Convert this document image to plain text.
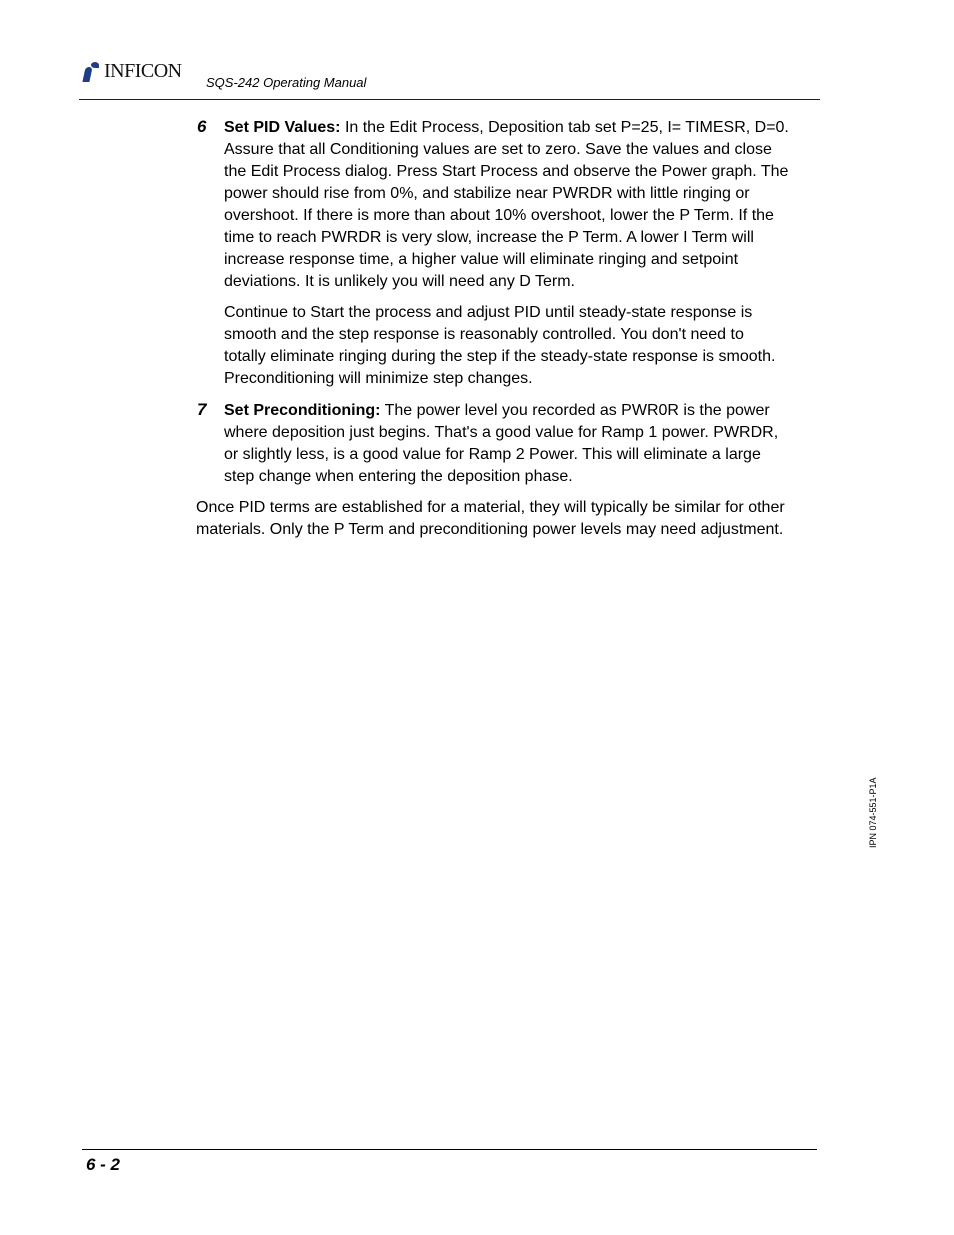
INFICON
SQS-242 Operating Manual
6 Set PID Values: In the Edit Process, Deposition tab set P=25, I= TIMESR, D=0.
Assure that all Conditioning values are set to zero. Save the values and close
the Edit Process dialog. Press Start Process and observe the Power graph. The
power should rise from 0%, and stabilize near PWRDR with little ringing or
overshoot. If there is more than about 10% overshoot, lower the P Term. If the
time to reach PWRDR is very slow, increase the P Term. A lower I Term will
increase response time, a higher value will eliminate ringing and setpoint
deviations. It is unlikely you will need any D Term.
Continue to Start the process and adjust PID until steady-state response is
smooth and the step response is reasonably controlled. You don't need to
totally eliminate ringing during the step if the steady-state response is smooth.
Preconditioning will minimize step changes.
7 Set Preconditioning: The power level you recorded as PWR0R is the power
where deposition just begins. That's a good value for Ramp 1 power. PWRDR,
or slightly less, is a good value for Ramp 2 Power. This will eliminate a large
step change when entering the deposition phase.
Once PID terms are established for a material, they will typically be similar for other
materials. Only the P Term and preconditioning power levels may need adjustment.
IPN 074-551-P1A
6 - 2
